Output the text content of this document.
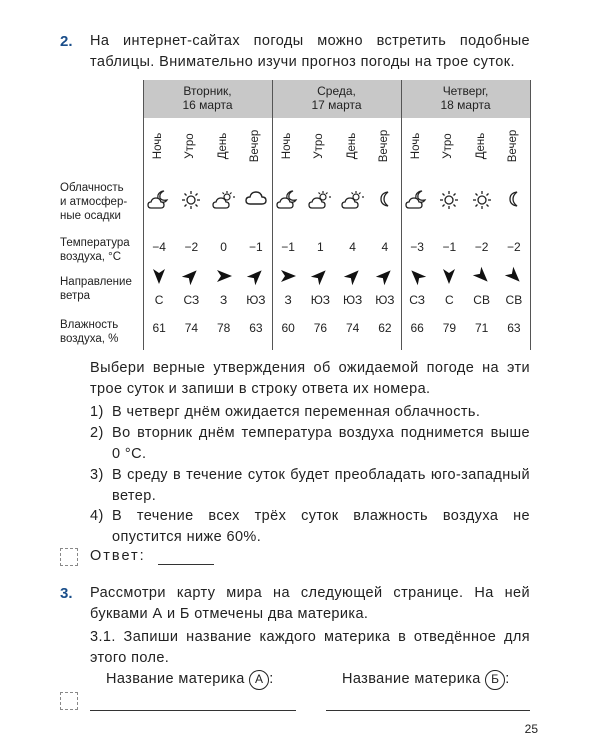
2. На интернет-сайтах погоды можно встретить подобные таблицы. Внимательно изучи прогноз погоды на трое суток.
Вторник,
16 марта
Среда,
17 марта
Четверг,
18 марта
Облачность
и атмосфер-
ные осадки
Температура
воздуха, °С
Направление
ветра
Влажность
воздуха, %
Ночь
−4
С
61
Утро
−2
СЗ
74
День
0
З
78
Вечер
−1
ЮЗ
63
Ночь
−1
З
60
Утро
1
ЮЗ
76
День
4
ЮЗ
74
Вечер
4
ЮЗ
62
Ночь
−3
СЗ
66
Утро
−1
С
79
День
−2
СВ
71
Вечер
−2
СВ
63
Выбери верные утверждения об ожидаемой погоде на эти трое суток и запиши в строку ответа их номера.
1) В четверг днём ожидается переменная облачность.
2) Во вторник днём температура воздуха поднимется выше 0 °С.
3) В среду в течение суток будет преобладать юго-западный ветер.
4) В течение всех трёх суток влажность воздуха не опустится ниже 60%.
Ответ:
3. Рассмотри карту мира на следующей странице. На ней буквами А и Б отмечены два материка.
3.1. Запиши название каждого материка в отведённое для этого поле.
Название материка А :	Название материка Б :
25
